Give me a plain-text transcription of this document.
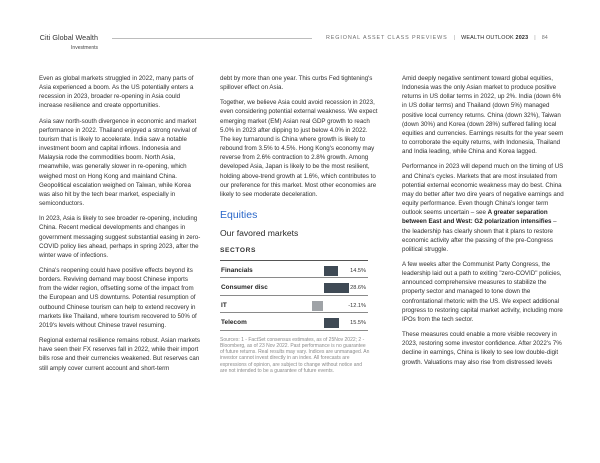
Citi Global Wealth
Investments
REGIONAL ASSET CLASS PREVIEWS | WEALTH OUTLOOK 2023 | 84

Even as global markets struggled in 2022, many parts of Asia experienced a boom. As the US potentially enters a recession in 2023, broader re-opening in Asia could increase resilience and create opportunities.

Asia saw north-south divergence in economic and market performance in 2022. Thailand enjoyed a strong revival of tourism that is likely to accelerate. India saw a notable investment boom and capital inflows. Indonesia and Malaysia rode the commodities boom. North Asia, meanwhile, was generally slower in re-opening, which weighed most on Hong Kong and mainland China. Geopolitical escalation weighed on Taiwan, while Korea was also hit by the tech bear market, especially in semiconductors.

In 2023, Asia is likely to see broader re-opening, including China. Recent medical developments and changes in government messaging suggest substantial easing in zero-COVID policy lies ahead, perhaps in spring 2023, after the winter wave of infections.

China's reopening could have positive effects beyond its borders. Reviving demand may boost Chinese imports from the wider region, offsetting some of the impact from the European and US downturns. Potential resumption of outbound Chinese tourism can help to extend recovery in markets like Thailand, where tourism recovered to 50% of 2019's levels without Chinese travel resuming.

Regional external resilience remains robust. Asian markets have seen their FX reserves fall in 2022, while their import bills rose and their currencies weakened. But reserves can still amply cover current account and short-term

debt by more than one year. This curbs Fed tightening's spillover effect on Asia.

Together, we believe Asia could avoid recession in 2023, even considering potential external weakness. We expect emerging market (EM) Asian real GDP growth to reach 5.0% in 2023 after dipping to just below 4.0% in 2022. The key turnaround is China where growth is likely to rebound from 3.5% to 4.5%. Hong Kong's economy may reverse from 2.6% contraction to 2.8% growth. Among developed Asia, Japan is likely to be the most resilient, holding above-trend growth at 1.6%, which contributes to our preference for this market. Most other economies are likely to see moderate deceleration.

Equities
Our favored markets
SECTORS
Financials	14.5%
Consumer disc	28.6%
IT	-12.1%
Telecom	15.5%
Sources: 1 - FactSet consensus estimates, as of 25Nov 2022; 2 - Bloomberg, as of 23 Nov 2022. Past performance is no guarantee of future returns. Real results may vary. Indices are unmanaged. An investor cannot invest directly in an index. All forecasts are expressions of opinion, are subject to change without notice and are not intended to be a guarantee of future events.

Amid deeply negative sentiment toward global equities, Indonesia was the only Asian market to produce positive returns in US dollar terms in 2022, up 2%. India (down 6% in US dollar terms) and Thailand (down 5%) managed positive local currency returns. China (down 32%), Taiwan (down 30%) and Korea (down 28%) suffered falling local equities and currencies. Earnings results for the year seem to corroborate the equity returns, with Indonesia, Thailand and India leading, while China and Korea lagged.

Performance in 2023 will depend much on the timing of US and China's cycles. Markets that are most insulated from potential external economic weakness may do best. China may do better after two dire years of negative earnings and equity performance. Even though China's longer term outlook seems uncertain – see A greater separation between East and West: G2 polarization intensifies – the leadership has clearly shown that it plans to restore economic activity after the passing of the pre-Congress political struggle.

A few weeks after the Communist Party Congress, the leadership laid out a path to exiting "zero-COVID" policies, announced comprehensive measures to stabilize the property sector and managed to tone down the confrontational rhetoric with the US. We expect additional progress to restoring capital market activity, including more IPOs from the tech sector.

These measures could enable a more visible recovery in 2023, restoring some investor confidence. After 2022's 7% decline in earnings, China is likely to see low double-digit growth. Valuations may also rise from distressed levels
